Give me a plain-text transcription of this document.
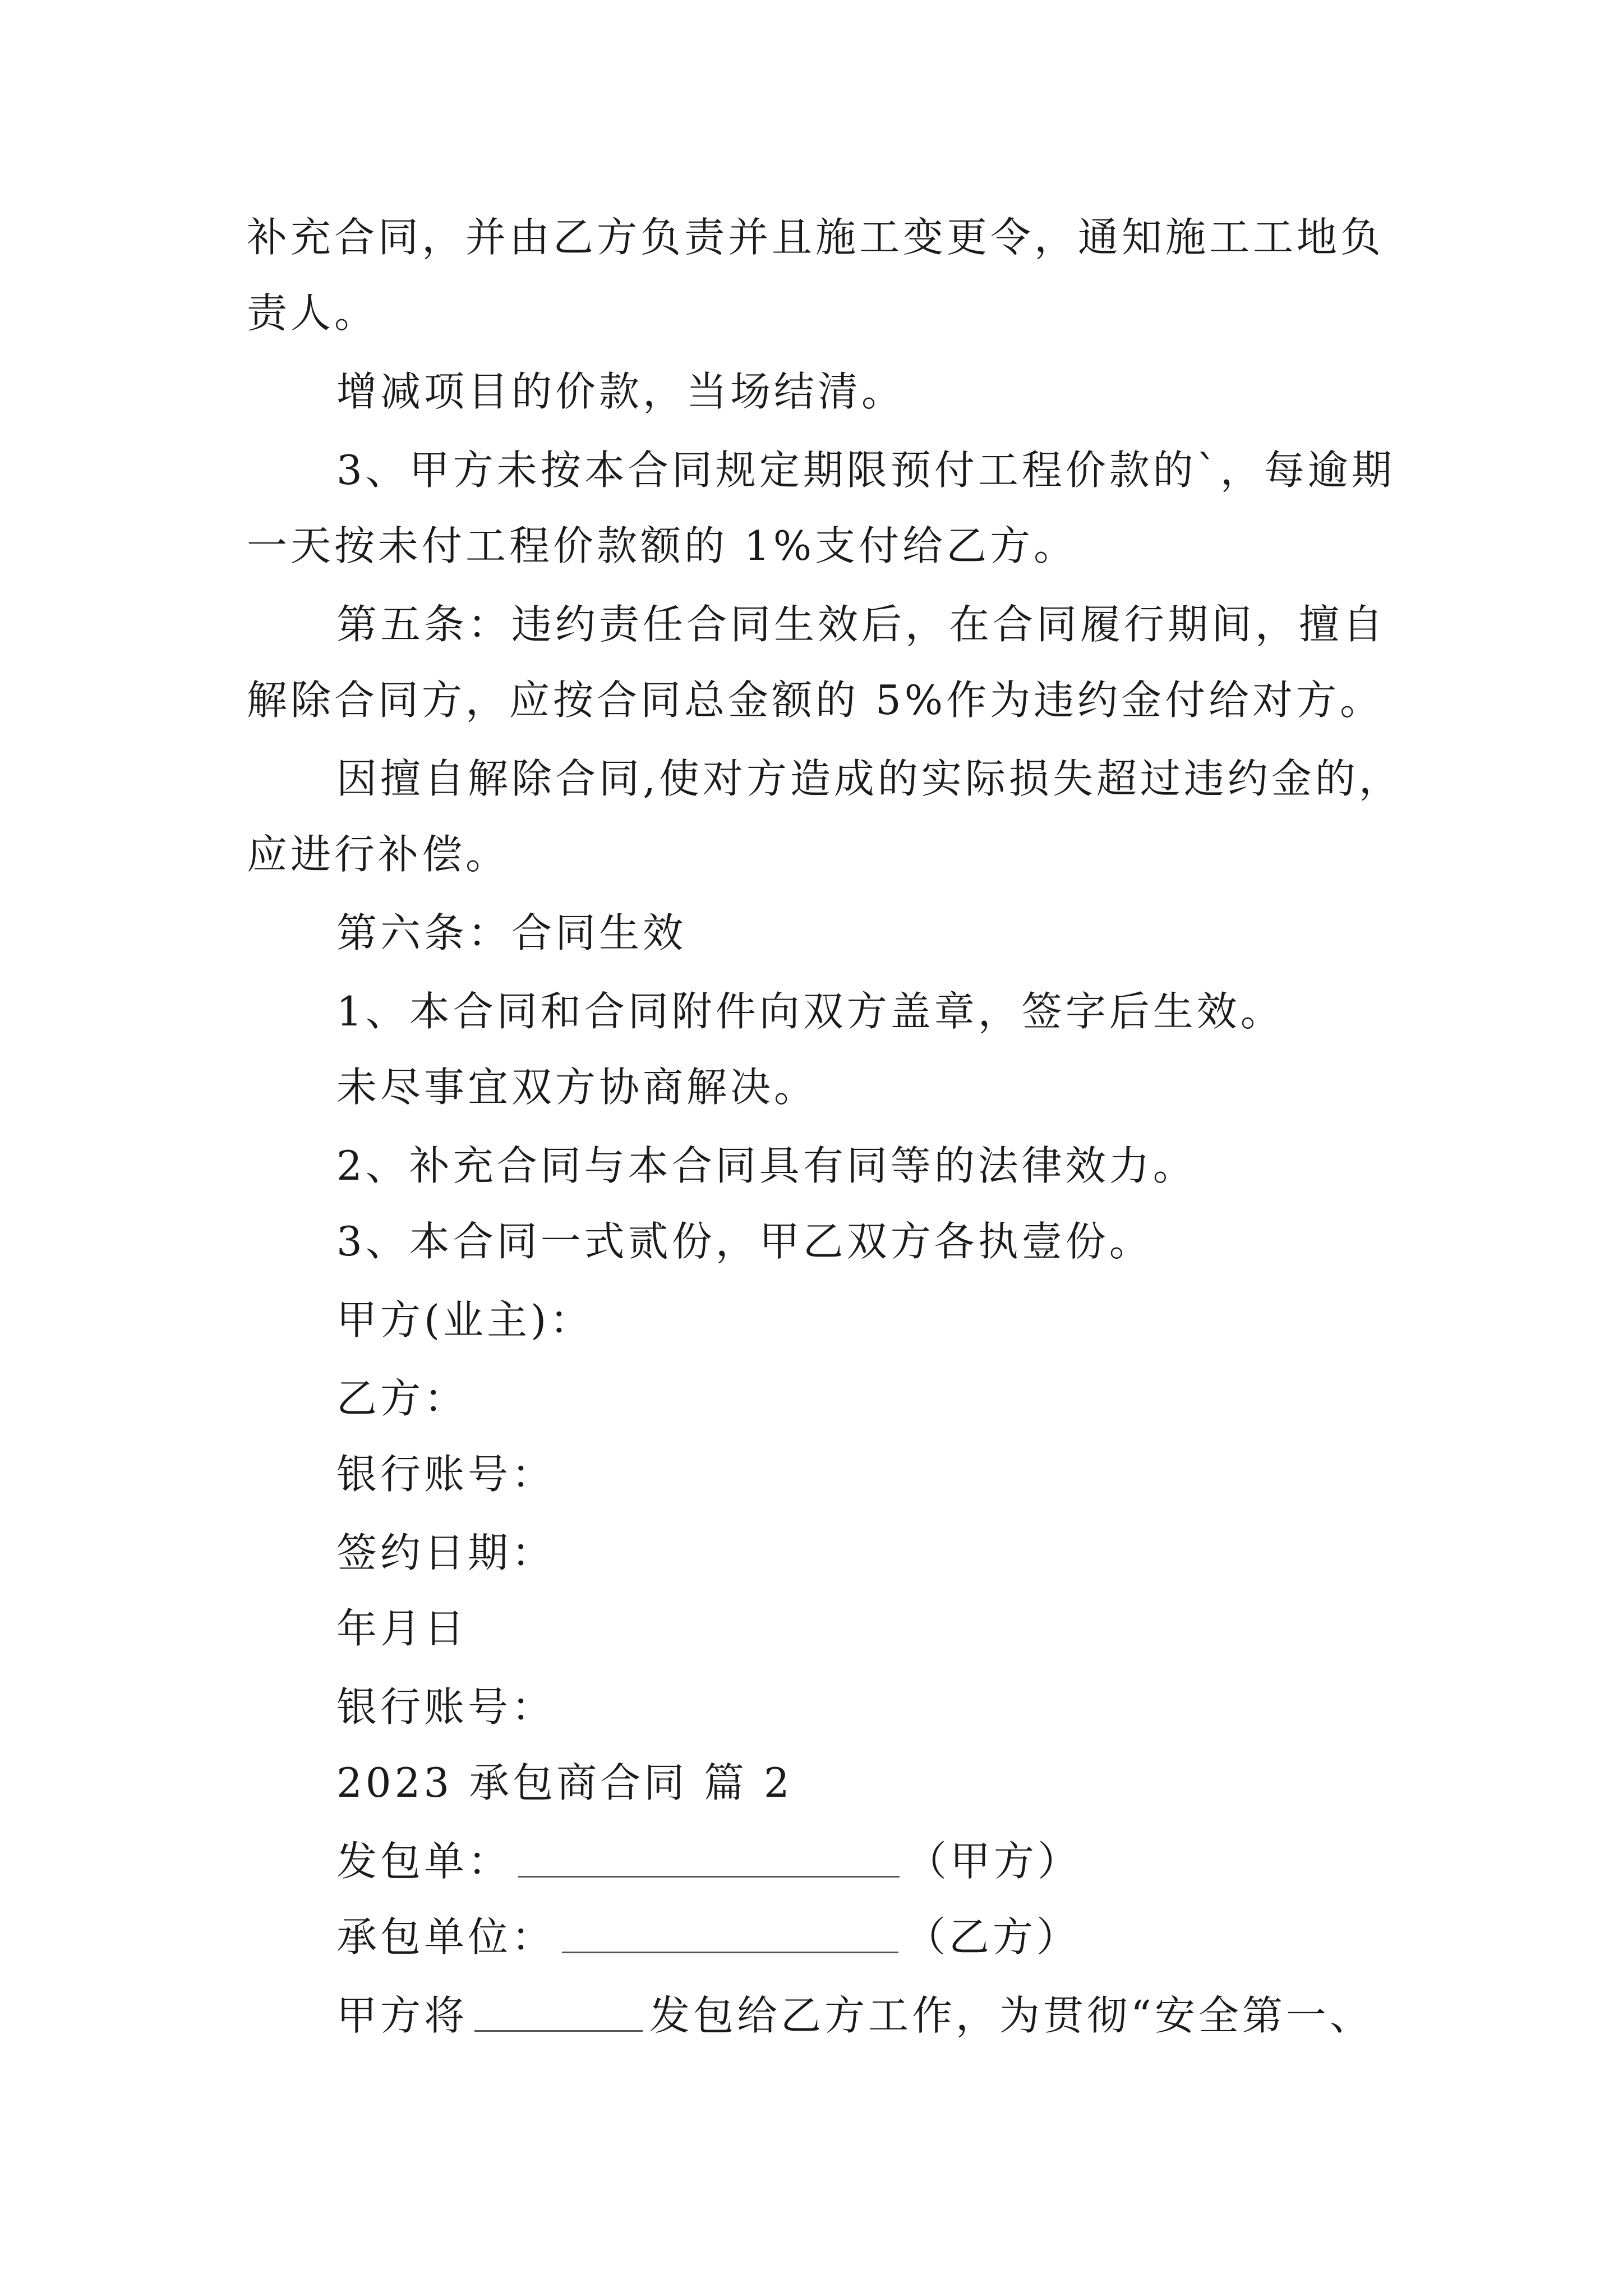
补充合同，并由乙方负责并且施工变更令，通知施工工地负
责人。
增减项目的价款，当场结清。
3、甲方未按本合同规定期限预付工程价款的`，每逾期
一天按未付工程价款额的 1%支付给乙方。
第五条：违约责任合同生效后，在合同履行期间，擅自
解除合同方，应按合同总金额的 5%作为违约金付给对方。
因擅自解除合同,使对方造成的实际损失超过违约金的，
应进行补偿。
第六条：合同生效
1、本合同和合同附件向双方盖章，签字后生效。
未尽事宜双方协商解决。
2、补充合同与本合同具有同等的法律效力。
3、本合同一式贰份，甲乙双方各执壹份。
甲方(业主)：
乙方：
银行账号：
签约日期：
年月日
银行账号：
2023 承包商合同 篇 2
发包单：	（甲方）
承包单位：	（乙方）
甲方将	发包给乙方工作，为贯彻“安全第一、
